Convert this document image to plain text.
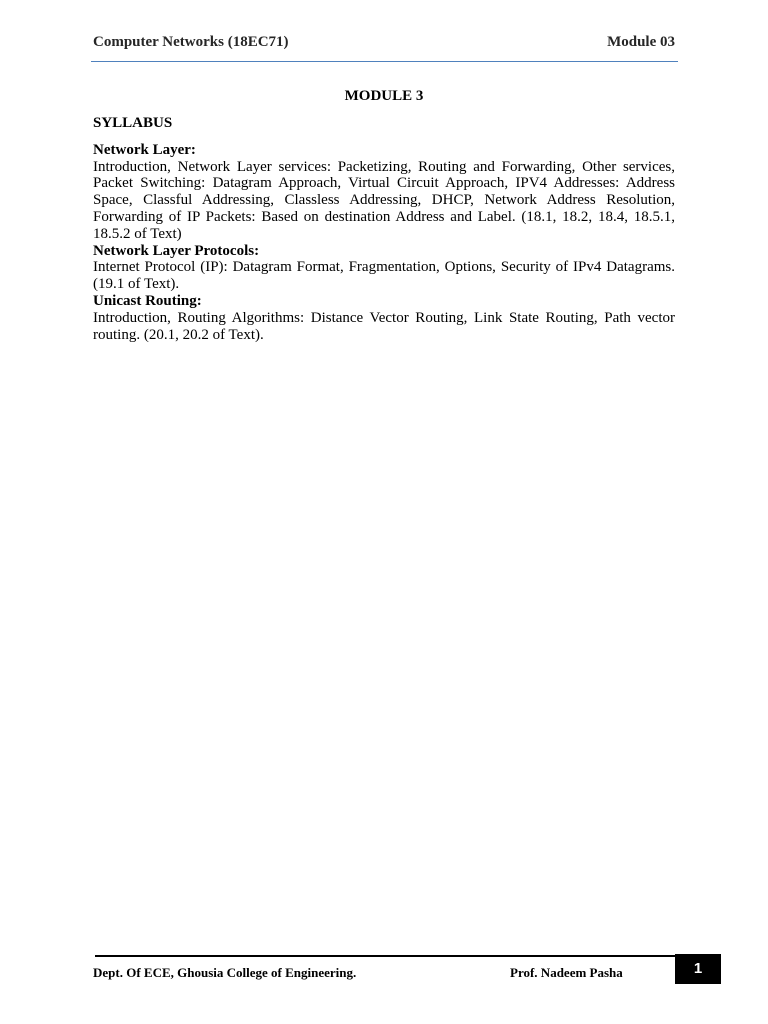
Computer Networks (18EC71)	Module 03
MODULE 3

SYLLABUS

Network Layer:

Introduction, Network Layer services: Packetizing, Routing and Forwarding, Other services, Packet Switching: Datagram Approach, Virtual Circuit Approach, IPV4 Addresses: Address Space, Classful Addressing, Classless Addressing, DHCP, Network Address Resolution, Forwarding of IP Packets: Based on destination Address and Label. (18.1, 18.2, 18.4, 18.5.1, 18.5.2 of Text)

Network Layer Protocols:

Internet Protocol (IP): Datagram Format, Fragmentation, Options, Security of IPv4 Datagrams. (19.1 of Text).

Unicast Routing:

Introduction, Routing Algorithms: Distance Vector Routing, Link State Routing, Path vector routing. (20.1, 20.2 of Text).

Dept. Of ECE, Ghousia College of Engineering.	Prof. Nadeem Pasha	1
